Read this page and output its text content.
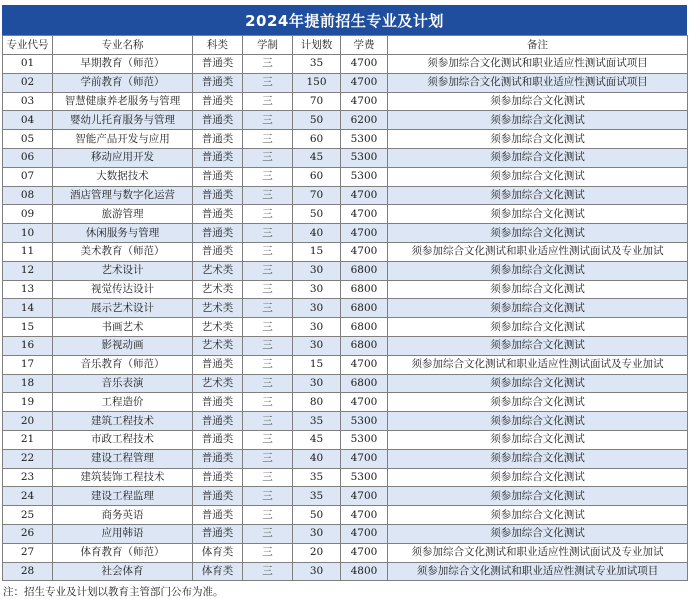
2024年提前招生专业及计划
专业代号	专业名称	科类	学制	计划数	学费	备注
01	早期教育（师范）	普通类	三	35	4700	须参加综合文化测试和职业适应性测试面试项目
02	学前教育（师范）	普通类	三	150	4700	须参加综合文化测试和职业适应性测试面试项目
03	智慧健康养老服务与管理	普通类	三	70	4700	须参加综合文化测试
04	婴幼儿托育服务与管理	普通类	三	50	6200	须参加综合文化测试
05	智能产品开发与应用	普通类	三	60	5300	须参加综合文化测试
06	移动应用开发	普通类	三	45	5300	须参加综合文化测试
07	大数据技术	普通类	三	60	5300	须参加综合文化测试
08	酒店管理与数字化运营	普通类	三	70	4700	须参加综合文化测试
09	旅游管理	普通类	三	50	4700	须参加综合文化测试
10	休闲服务与管理	普通类	三	40	4700	须参加综合文化测试
11	美术教育（师范）	普通类	三	15	4700	须参加综合文化测试和职业适应性测试面试及专业加试
12	艺术设计	艺术类	三	30	6800	须参加综合文化测试
13	视觉传达设计	艺术类	三	30	6800	须参加综合文化测试
14	展示艺术设计	艺术类	三	30	6800	须参加综合文化测试
15	书画艺术	艺术类	三	30	6800	须参加综合文化测试
16	影视动画	艺术类	三	30	6800	须参加综合文化测试
17	音乐教育（师范）	普通类	三	15	4700	须参加综合文化测试和职业适应性测试面试及专业加试
18	音乐表演	艺术类	三	30	6800	须参加综合文化测试
19	工程造价	普通类	三	80	4700	须参加综合文化测试
20	建筑工程技术	普通类	三	35	5300	须参加综合文化测试
21	市政工程技术	普通类	三	45	5300	须参加综合文化测试
22	建设工程管理	普通类	三	40	4700	须参加综合文化测试
23	建筑装饰工程技术	普通类	三	35	5300	须参加综合文化测试
24	建设工程监理	普通类	三	35	4700	须参加综合文化测试
25	商务英语	普通类	三	50	4700	须参加综合文化测试
26	应用韩语	普通类	三	30	4700	须参加综合文化测试
27	体育教育（师范）	体育类	三	20	4700	须参加综合文化测试和职业适应性测试面试及专业加试
28	社会体育	体育类	三	30	4800	须参加综合文化测试和职业适应性测试专业加试项目
注：招生专业及计划以教育主管部门公布为准。
